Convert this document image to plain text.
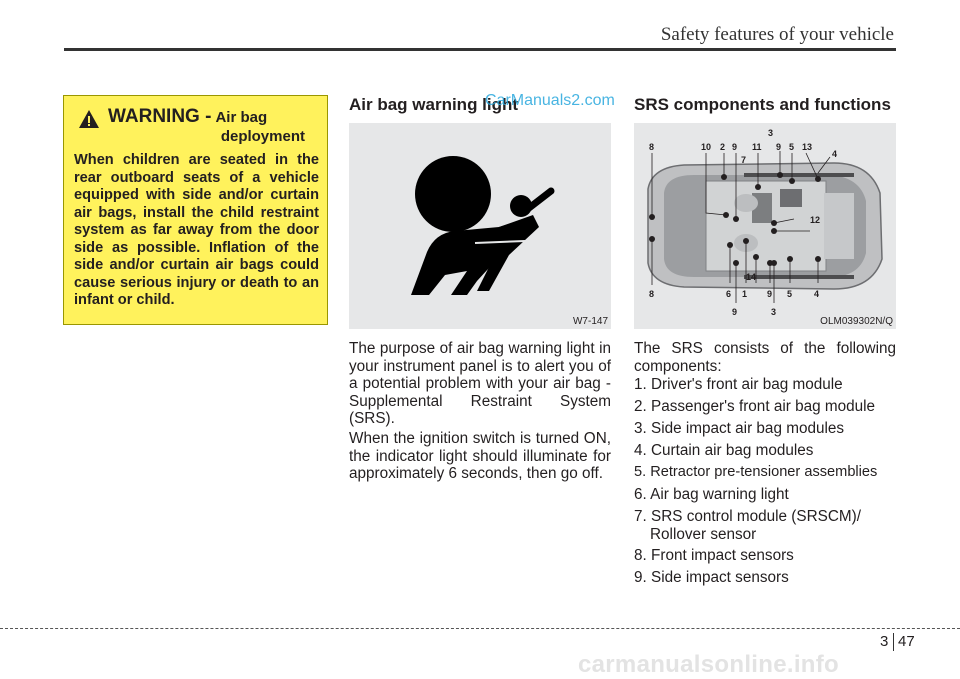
Safety features of your vehicle
WARNING - Air bag
deployment
When children are seated in the rear outboard seats of a vehicle equipped with side and/or curtain air bags, install the child restraint system as far away from the door side as possible. Inflation of the side and/or curtain air bags could cause serious injury or death to an infant or child.
Air bag warning light
CarManuals2.com
W7-147
The purpose of air bag warning light in your instrument panel is to alert you of a potential problem with your air bag - Supplemental Restraint System (SRS).
When the ignition switch is turned ON, the indicator light should illuminate for approximately 6 seconds, then go off.
SRS components and functions
8	10 2 9 11 9 5 13
3
7
4
12
14
8	6 1 9 5 4
9	3
OLM039302N/Q
The SRS consists of the following components:
1. Driver's front air bag module
2. Passenger's front air bag module
3. Side impact air bag modules
4. Curtain air bag modules
5. Retractor pre-tensioner assemblies
6. Air bag warning light
7. SRS control module (SRSCM)/
Rollover sensor
8. Front impact sensors
9. Side impact sensors
3 47
carmanualsonline.info
